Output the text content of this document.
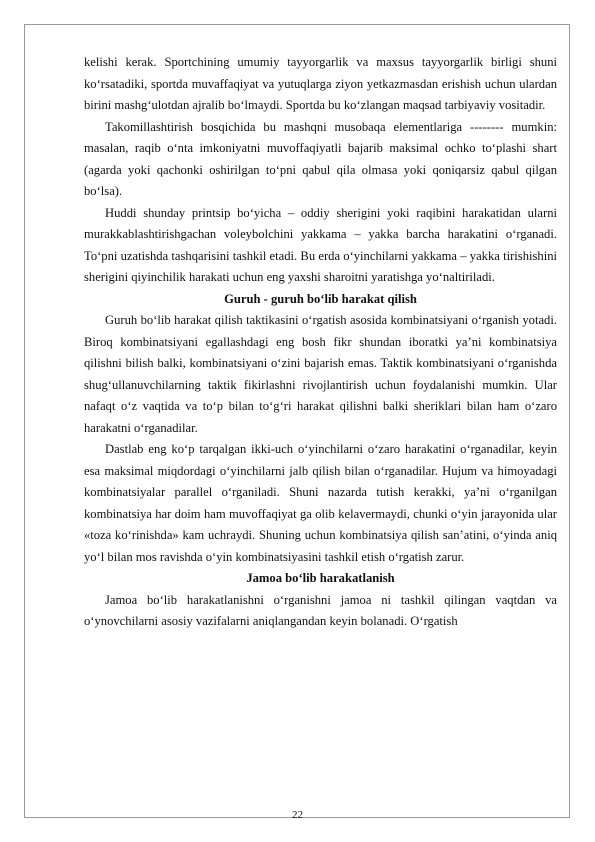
kelishi kerak. Sportchining umumiy tayyorgarlik va maxsus tayyorgarlik birligi shuni ko‘rsatadiki, sportda muvaffaqiyat va yutuqlarga ziyon yetkazmasdan erishish uchun ulardan birini mashg‘ulotdan ajralib bo‘lmaydi. Sportda bu ko‘zlangan maqsad tarbiyaviy vositadir.

Takomillashtirish bosqichida bu mashqni musobaqa elementlariga -------- mumkin: masalan, raqib o‘nta imkoniyatni muvoffaqiyatli bajarib maksimal ochko to‘plashi shart (agarda yoki qachonki oshirilgan to‘pni qabul qila olmasa yoki qoniqarsiz qabul qilgan bo‘lsa).

Huddi shunday printsip bo‘yicha – oddiy sherigini yoki raqibini harakatidan ularni murakkablashtirishgachan voleybolchini yakkama – yakka barcha harakatini o‘rganadi. To‘pni uzatishda tashqarisini tashkil etadi. Bu erda o‘yinchilarni yakkama – yakka tirishishini sherigini qiyinchilik harakati uchun eng yaxshi sharoitni yaratishga yo‘naltiriladi.

Guruh - guruh bo‘lib harakat qilish

Guruh bo‘lib harakat qilish taktikasini o‘rgatish asosida kombinatsiyani o‘rganish yotadi. Biroq kombinatsiyani egallashdagi eng bosh fikr shundan iboratki ya’ni kombinatsiya qilishni bilish balki, kombinatsiyani o‘zini bajarish emas. Taktik kombinatsiyani o‘rganishda shug‘ullanuvchilarning taktik fikirlashni rivojlantirish uchun foydalanishi mumkin. Ular nafaqt o‘z vaqtida va to‘p bilan to‘g‘ri harakat qilishni balki sheriklari bilan ham o‘zaro harakatni o‘rganadilar.

Dastlab eng ko‘p tarqalgan ikki-uch o‘yinchilarni o‘zaro harakatini o‘rganadilar, keyin esa maksimal miqdordagi o‘yinchilarni jalb qilish bilan o‘rganadilar. Hujum va himoyadagi kombinatsiyalar parallel o‘rganiladi. Shuni nazarda tutish kerakki, ya’ni o‘rganilgan kombinatsiya har doim ham muvoffaqiyat ga olib kelavermaydi, chunki o‘yin jarayonida ular «toza ko‘rinishda» kam uchraydi. Shuning uchun kombinatsiya qilish san’atini, o‘yinda aniq yo‘l bilan mos ravishda o‘yin kombinatsiyasini tashkil etish o‘rgatish zarur.

Jamoa bo‘lib harakatlanish

Jamoa bo‘lib harakatlanishni o‘rganishni jamoa ni tashkil qilingan vaqtdan va o‘ynovchilarni asosiy vazifalarni aniqlangandan keyin bolanadi. O‘rgatish

22
